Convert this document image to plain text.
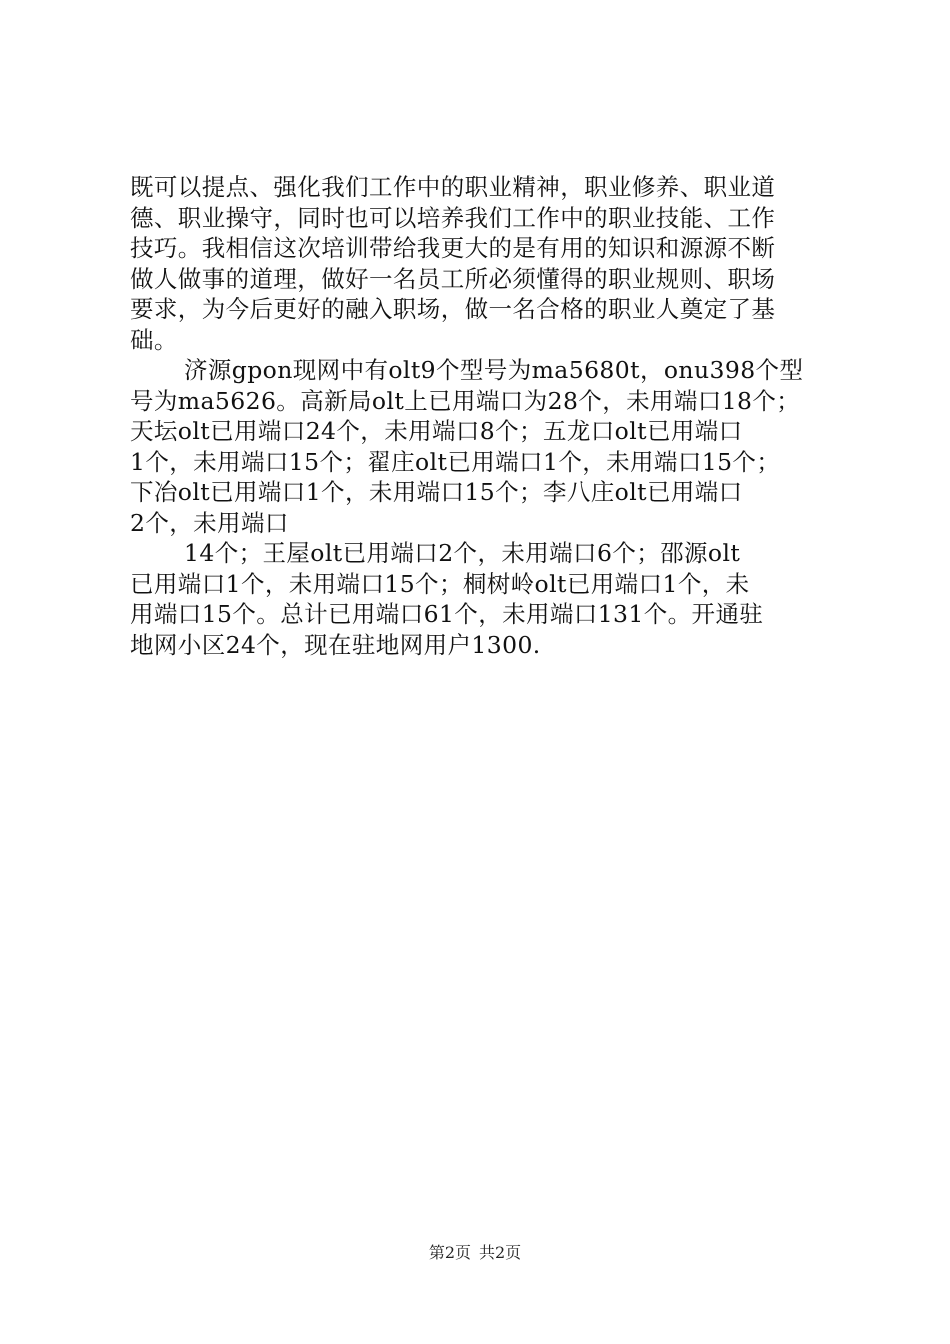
既可以提点、强化我们工作中的职业精神，职业修养、职业道
德、职业操守，同时也可以培养我们工作中的职业技能、工作
技巧。我相信这次培训带给我更大的是有用的知识和源源不断
做人做事的道理，做好一名员工所必须懂得的职业规则、职场
要求，为今后更好的融入职场，做一名合格的职业人奠定了基
础。
济源gpon现网中有olt9个型号为ma5680t，onu398个型
号为ma5626。高新局olt上已用端口为28个，未用端口18个；
天坛olt已用端口24个，未用端口8个；五龙口olt已用端口
1个，未用端口15个；翟庄olt已用端口1个，未用端口15个；
下冶olt已用端口1个，未用端口15个；李八庄olt已用端口
2个，未用端口
14个；王屋olt已用端口2个，未用端口6个；邵源olt
已用端口1个，未用端口15个；桐树岭olt已用端口1个，未
用端口15个。总计已用端口61个，未用端口131个。开通驻
地网小区24个，现在驻地网用户1300.
第2页 共2页
